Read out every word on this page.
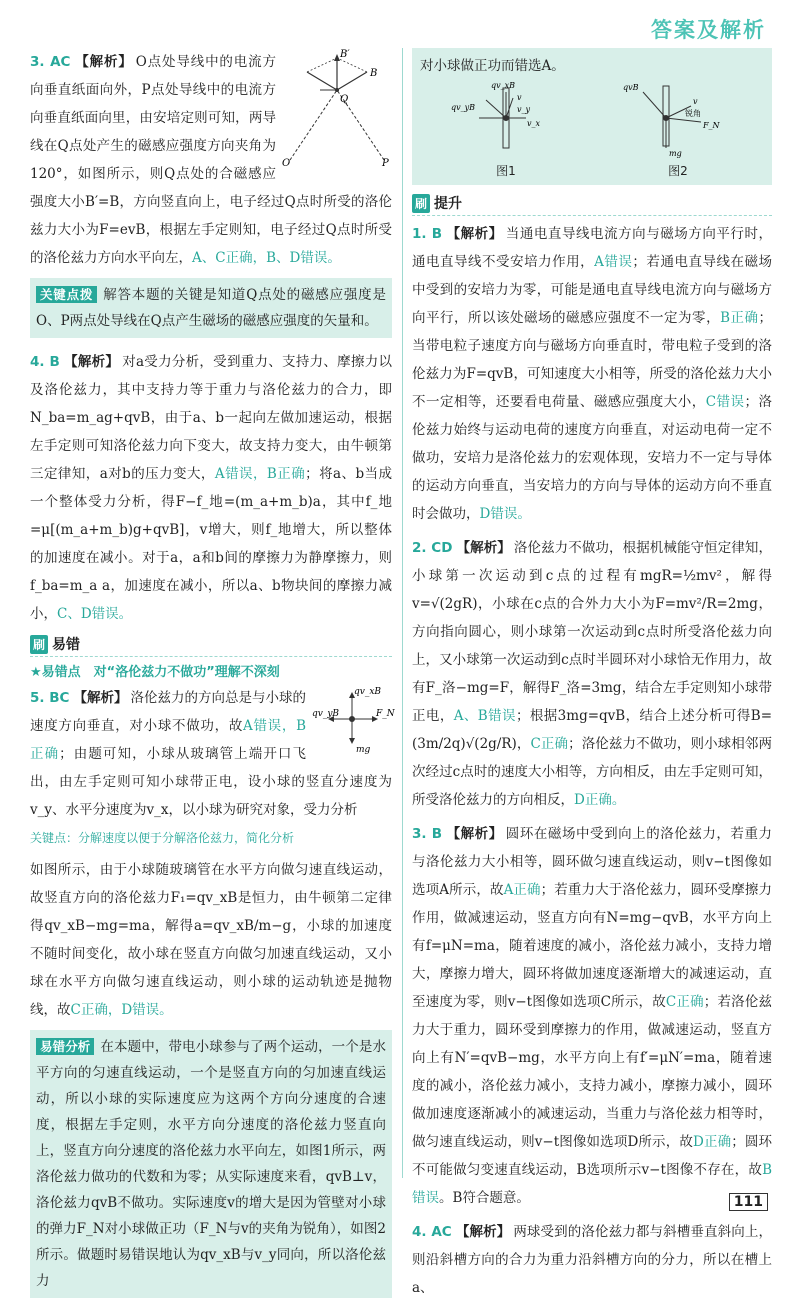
答案及解析
B′
B
Q
O	P
3. AC 【解析】 O点处导线中的电流方向垂直纸面向外，P点处导线中的电流方向垂直纸面向里，由安培定则可知，两导线在Q点处产生的磁感应强度方向夹角为120°，如图所示，则Q点处的合磁感应强度大小B′=B，方向竖直向上，电子经过Q点时所受的洛伦兹力大小为F=evB，根据左手定则知，电子经过Q点时所受的洛伦兹力方向水平向左，A、C正确，B、D错误。
关键点拨 解答本题的关键是知道Q点处的磁感应强度是O、P两点处导线在Q点产生磁场的磁感应强度的矢量和。
4. B 【解析】 对a受力分析，受到重力、支持力、摩擦力以及洛伦兹力，其中支持力等于重力与洛伦兹力的合力，即N_ba=m_ag+qvB，由于a、b一起向左做加速运动，根据左手定则可知洛伦兹力向下变大，故支持力变大，由牛顿第三定律知，a对b的压力变大，A错误，B正确；将a、b当成一个整体受力分析，得F−f_地=(m_a+m_b)a，其中f_地=μ[(m_a+m_b)g+qvB]，v增大，则f_地增大，所以整体的加速度在减小。对于a，a和b间的摩擦力为静摩擦力，则f_ba=m_a a，加速度在减小，所以a、b物块间的摩擦力减小，C、D错误。
刷 易错
★易错点　对“洛伦兹力不做功”理解不深刻
qv_xB
qv_yB	F_N
mg
5. BC 【解析】 洛伦兹力的方向总是与小球的速度方向垂直，对小球不做功，故A错误，B正确；由题可知，小球从玻璃管上端开口飞出，由左手定则可知小球带正电，设小球的竖直分速度为v_y、水平分速度为v_x，以小球为研究对象，受力分析
关键点：分解速度以便于分解洛伦兹力，简化分析
如图所示，由于小球随玻璃管在水平方向做匀速直线运动，故竖直方向的洛伦兹力F₁=qv_xB是恒力，由牛顿第二定律得qv_xB−mg=ma，解得a=qv_xB/m−g，小球的加速度不随时间变化，故小球在竖直方向做匀加速直线运动，又小球在水平方向做匀速直线运动，则小球的运动轨迹是抛物线，故C正确，D错误。
易错分析 在本题中，带电小球参与了两个运动，一个是水平方向的匀速直线运动，一个是竖直方向的匀加速直线运动，所以小球的实际速度应为这两个方向分速度的合速度，根据左手定则，水平方向分速度的洛伦兹力竖直向上，竖直方向分速度的洛伦兹力水平向左，如图1所示，两洛伦兹力做功的代数和为零；从实际速度来看，qvB⊥v，洛伦兹力qvB不做功。实际速度v的增大是因为管壁对小球的弹力F_N对小球做正功（F_N与v的夹角为锐角），如图2所示。做题时易错误地认为qv_xB与v_y同向，所以洛伦兹力
对小球做正功而错选A。
qv_xB
qv_yB
v
v_y
v_x
图1
qvB
v
锐角
F_N
mg
图2
刷 提升
1. B 【解析】 当通电直导线电流方向与磁场方向平行时，通电直导线不受安培力作用，A错误；若通电直导线在磁场中受到的安培力为零，可能是通电直导线电流方向与磁场方向平行，所以该处磁场的磁感应强度不一定为零，B正确；当带电粒子速度方向与磁场方向垂直时，带电粒子受到的洛伦兹力为F=qvB，可知速度大小相等，所受的洛伦兹力大小不一定相等，还要看电荷量、磁感应强度大小，C错误；洛伦兹力始终与运动电荷的速度方向垂直，对运动电荷一定不做功，安培力是洛伦兹力的宏观体现，安培力不一定与导体的运动方向垂直，当安培力的方向与导体的运动方向不垂直时会做功，D错误。
2. CD 【解析】 洛伦兹力不做功，根据机械能守恒定律知，小球第一次运动到c点的过程有mgR=½mv²，解得v=√(2gR)，小球在c点的合外力大小为F=mv²/R=2mg，方向指向圆心，则小球第一次运动到c点时所受洛伦兹力向上，又小球第一次运动到c点时半圆环对小球恰无作用力，故有F_洛−mg=F，解得F_洛=3mg，结合左手定则知小球带正电，A、B错误；根据3mg=qvB，结合上述分析可得B=(3m/2q)√(2g/R)，C正确；洛伦兹力不做功，则小球相邻两次经过c点时的速度大小相等，方向相反，由左手定则可知，所受洛伦兹力的方向相反，D正确。
3. B 【解析】 圆环在磁场中受到向上的洛伦兹力，若重力与洛伦兹力大小相等，圆环做匀速直线运动，则v−t图像如选项A所示，故A正确；若重力大于洛伦兹力，圆环受摩擦力作用，做减速运动，竖直方向有N=mg−qvB，水平方向上有f=μN=ma，随着速度的减小，洛伦兹力减小，支持力增大，摩擦力增大，圆环将做加速度逐渐增大的减速运动，直至速度为零，则v−t图像如选项C所示，故C正确；若洛伦兹力大于重力，圆环受到摩擦力的作用，做减速运动，竖直方向上有N′=qvB−mg，水平方向上有f′=μN′=ma，随着速度的减小，洛伦兹力减小，支持力减小，摩擦力减小，圆环做加速度逐渐减小的减速运动，当重力与洛伦兹力相等时，做匀速直线运动，则v−t图像如选项D所示，故D正确；圆环不可能做匀变速直线运动，B选项所示v−t图像不存在，故B错误。B符合题意。
4. AC 【解析】 两球受到的洛伦兹力都与斜槽垂直斜向上，则沿斜槽方向的合力为重力沿斜槽方向的分力，所以在槽上a、
111
